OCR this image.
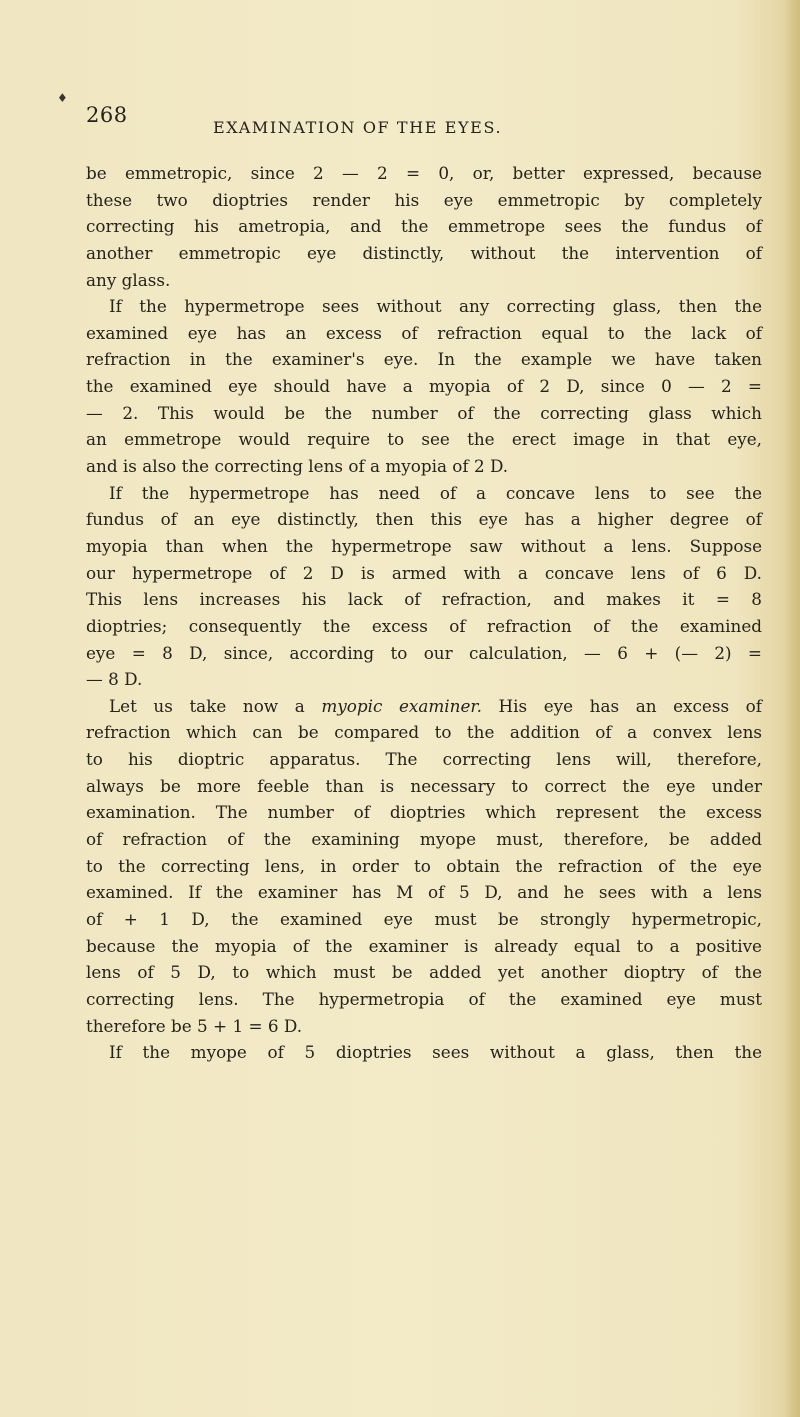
♦
268
EXAMINATION OF THE EYES.
be emmetropic, since 2 — 2 = 0, or, better expressed, because
these two dioptries render his eye emmetropic by completely
correcting his ametropia, and the emmetrope sees the fundus of
another emmetropic eye distinctly, without the intervention of
any glass.
If the hypermetrope sees without any correcting glass, then the
examined eye has an excess of refraction equal to the lack of
refraction in the examiner's eye. In the example we have taken
the examined eye should have a myopia of 2 D, since 0 — 2 =
— 2. This would be the number of the correcting glass which
an emmetrope would require to see the erect image in that eye,
and is also the correcting lens of a myopia of 2 D.
If the hypermetrope has need of a concave lens to see the
fundus of an eye distinctly, then this eye has a higher degree of
myopia than when the hypermetrope saw without a lens. Suppose
our hypermetrope of 2 D is armed with a concave lens of 6 D.
This lens increases his lack of refraction, and makes it = 8
dioptries; consequently the excess of refraction of the examined
eye = 8 D, since, according to our calculation, — 6 + (— 2) =
— 8 D.
Let us take now a myopic examiner. His eye has an excess of
refraction which can be compared to the addition of a convex lens
to his dioptric apparatus. The correcting lens will, therefore,
always be more feeble than is necessary to correct the eye under
examination. The number of dioptries which represent the excess
of refraction of the examining myope must, therefore, be added
to the correcting lens, in order to obtain the refraction of the eye
examined. If the examiner has M of 5 D, and he sees with a lens
of + 1 D, the examined eye must be strongly hypermetropic,
because the myopia of the examiner is already equal to a positive
lens of 5 D, to which must be added yet another dioptry of the
correcting lens. The hypermetropia of the examined eye must
therefore be 5 + 1 = 6 D.
If the myope of 5 dioptries sees without a glass, then the
